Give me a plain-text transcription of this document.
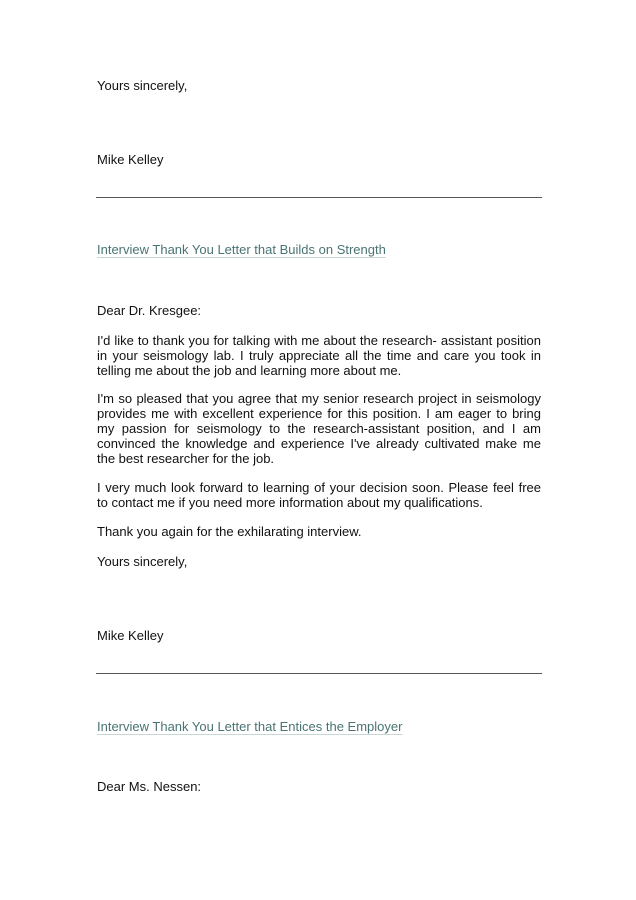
Yours sincerely,
Mike Kelley
Interview Thank You Letter that Builds on Strength
Dear Dr. Kresgee:
I'd like to thank you for talking with me about the research- assistant position in your seismology lab. I truly appreciate all the time and care you took in telling me about the job and learning more about me.
I'm so pleased that you agree that my senior research project in seismology provides me with excellent experience for this position. I am eager to bring my passion for seismology to the research-assistant position, and I am convinced the knowledge and experience I've already cultivated make me the best researcher for the job.
I very much look forward to learning of your decision soon. Please feel free to contact me if you need more information about my qualifications.
Thank you again for the exhilarating interview.
Yours sincerely,
Mike Kelley
Interview Thank You Letter that Entices the Employer
Dear Ms. Nessen:
